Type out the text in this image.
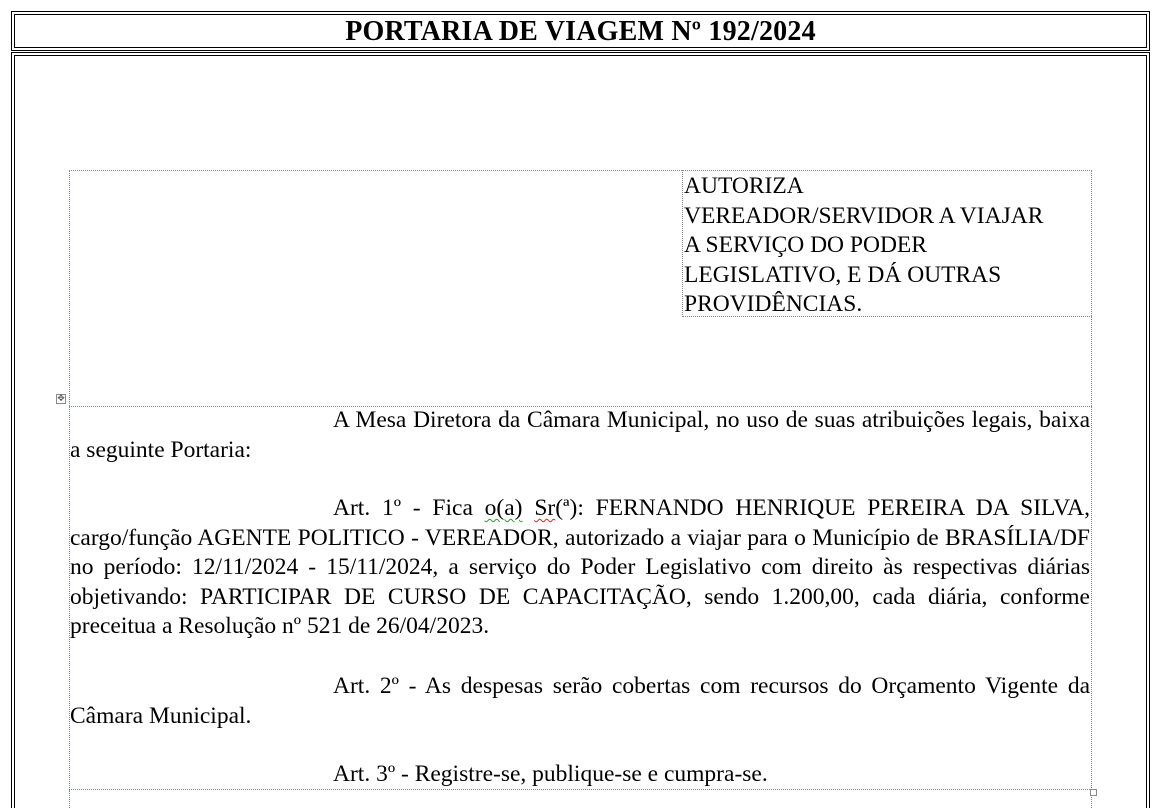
PORTARIA DE VIAGEM Nº 192/2024
AUTORIZA
VEREADOR/SERVIDOR A VIAJAR
A SERVIÇO DO PODER
LEGISLATIVO, E DÁ OUTRAS
PROVIDÊNCIAS.
✥

A Mesa Diretora da Câmara Municipal, no uso de suas atribuições legais, baixa a seguinte Portaria:

Art. 1º - Fica o(a) Sr(ª): FERNANDO HENRIQUE PEREIRA DA SILVA, cargo/função AGENTE POLITICO - VEREADOR, autorizado a viajar para o Município de BRASÍLIA/DF no período: 12/11/2024 - 15/11/2024, a serviço do Poder Legislativo com direito às respectivas diárias objetivando: PARTICIPAR DE CURSO DE CAPACITAÇÃO, sendo 1.200,00, cada diária, conforme preceitua a Resolução nº 521 de 26/04/2023.

Art. 2º - As despesas serão cobertas com recursos do Orçamento Vigente da Câmara Municipal.

Art. 3º - Registre-se, publique-se e cumpra-se.
